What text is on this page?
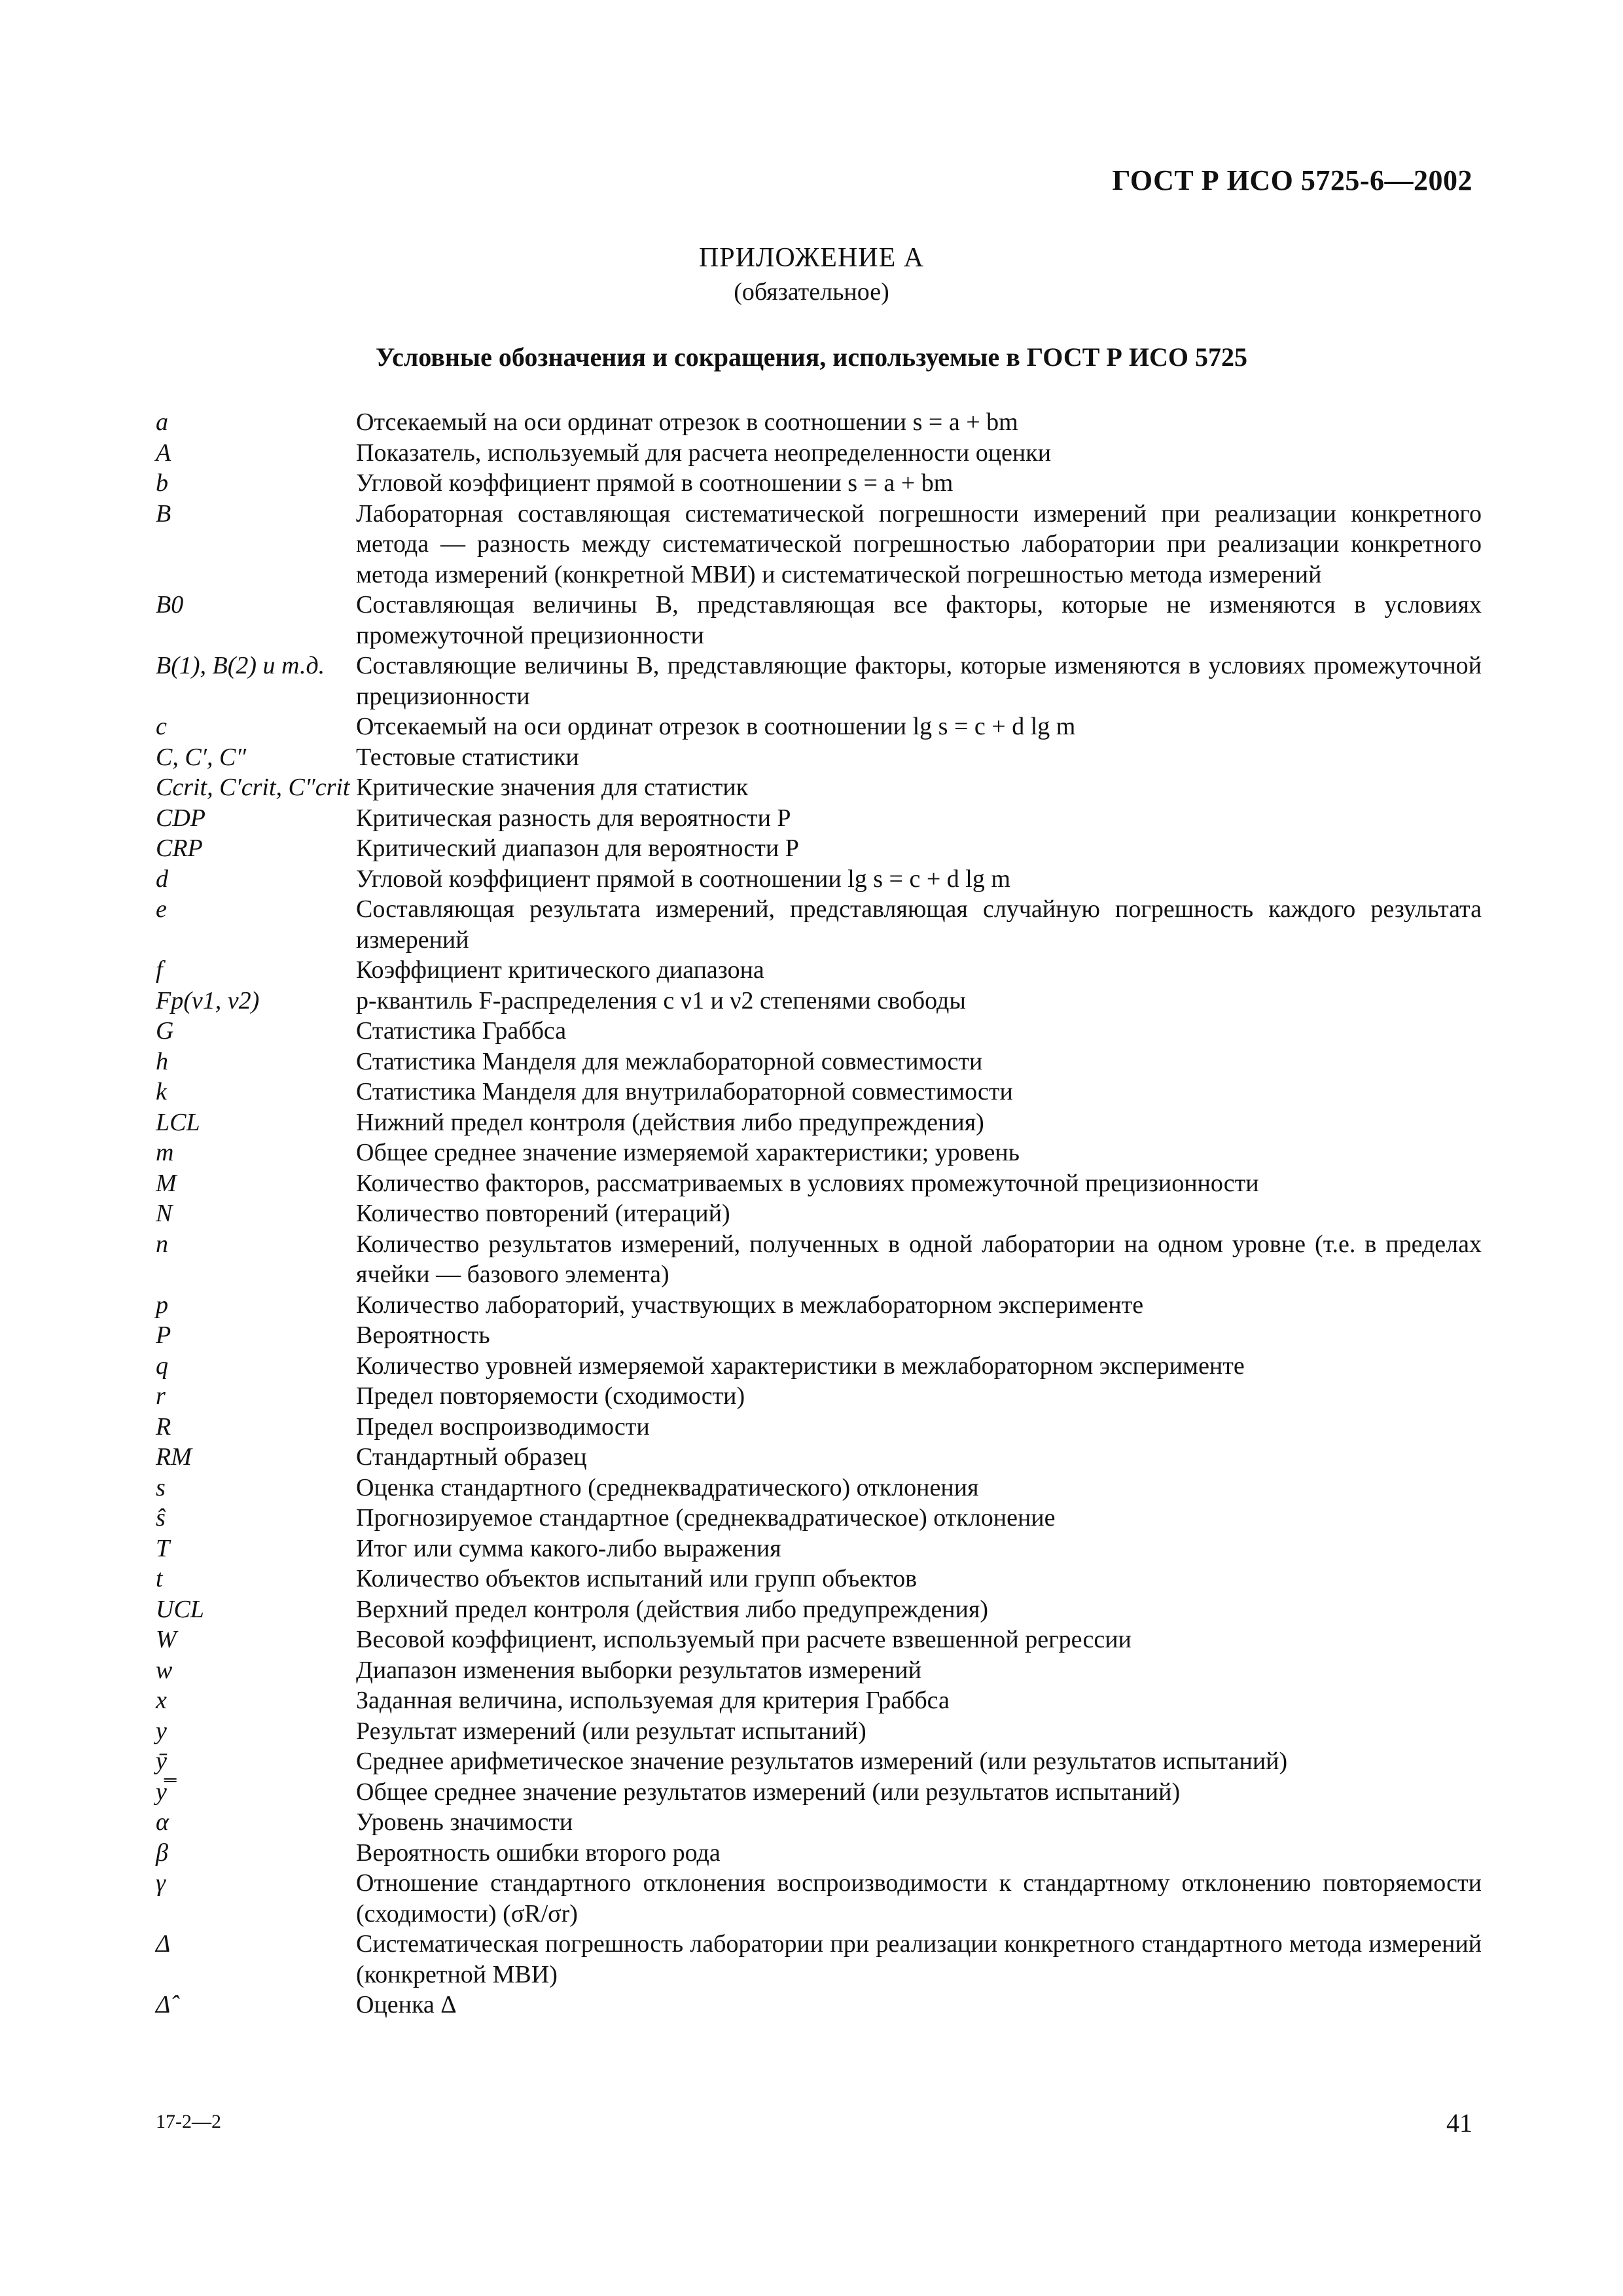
ГОСТ Р ИСО 5725-6—2002
ПРИЛОЖЕНИЕ А
(обязательное)
Условные обозначения и сокращения, используемые в ГОСТ Р ИСО 5725
a	Отсекаемый на оси ординат отрезок в соотношении s = a + bm
A	Показатель, используемый для расчета неопределенности оценки
b	Угловой коэффициент прямой в соотношении s = a + bm
B	Лабораторная составляющая систематической погрешности измерений при реализации конкретного метода — разность между систематической погрешностью лаборатории при реализации конкретного метода измерений (конкретной МВИ) и систематической погрешностью метода измерений
B0	Составляющая величины B, представляющая все факторы, которые не изменяются в условиях промежуточной прецизионности
B(1), B(2) и т.д.	Составляющие величины B, представляющие факторы, которые изменяются в условиях промежуточной прецизионности
c	Отсекаемый на оси ординат отрезок в соотношении lg s = c + d lg m
C, C′, C″	Тестовые статистики
Ccrit, C′crit, C″crit Критические значения для статистик
CDP	Критическая разность для вероятности P
CRP	Критический диапазон для вероятности P
d	Угловой коэффициент прямой в соотношении lg s = c + d lg m
e	Составляющая результата измерений, представляющая случайную погрешность каждого результата измерений
f	Коэффициент критического диапазона
Fp(ν1, ν2)	p-квантиль F-распределения с ν1 и ν2 степенями свободы
G	Статистика Граббса
h	Статистика Манделя для межлабораторной совместимости
k	Статистика Манделя для внутрилабораторной совместимости
LCL	Нижний предел контроля (действия либо предупреждения)
m	Общее среднее значение измеряемой характеристики; уровень
M	Количество факторов, рассматриваемых в условиях промежуточной прецизионности
N	Количество повторений (итераций)
n	Количество результатов измерений, полученных в одной лаборатории на одном уровне (т.е. в пределах ячейки — базового элемента)
p	Количество лабораторий, участвующих в межлабораторном эксперименте
P	Вероятность
q	Количество уровней измеряемой характеристики в межлабораторном эксперименте
r	Предел повторяемости (сходимости)
R	Предел воспроизводимости
RM	Стандартный образец
s	Оценка стандартного (среднеквадратического) отклонения
ŝ	Прогнозируемое стандартное (среднеквадратическое) отклонение
T	Итог или сумма какого-либо выражения
t	Количество объектов испытаний или групп объектов
UCL	Верхний предел контроля (действия либо предупреждения)
W	Весовой коэффициент, используемый при расчете взвешенной регрессии
w	Диапазон изменения выборки результатов измерений
x	Заданная величина, используемая для критерия Граббса
y	Результат измерений (или результат испытаний)
ȳ	Среднее арифметическое значение результатов измерений (или результатов испытаний)
y̿	Общее среднее значение результатов измерений (или результатов испытаний)
α	Уровень значимости
β	Вероятность ошибки второго рода
γ	Отношение стандартного отклонения воспроизводимости к стандартному отклонению повторяемости (сходимости) (σR/σr)
Δ	Систематическая погрешность лаборатории при реализации конкретного стандартного метода измерений (конкретной МВИ)
Δ̂	Оценка Δ
17-2—2	41
